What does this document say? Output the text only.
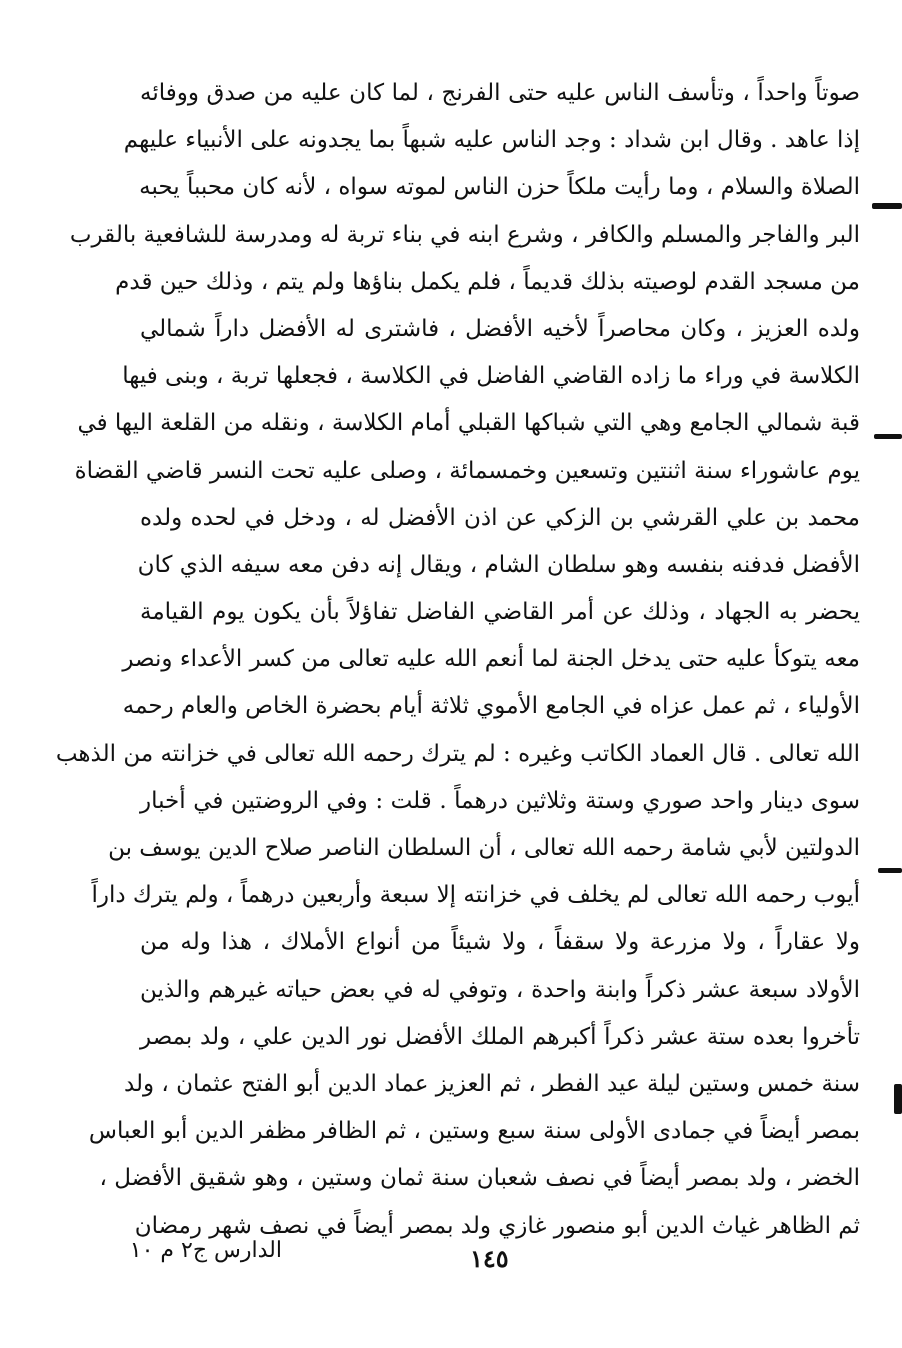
صوتاً واحداً ، وتأسف الناس عليه حتى الفرنج ، لما كان عليه من صدق ووفائه
إذا عاهد . وقال ابن شداد : وجد الناس عليه شبهاً بما يجدونه على الأنبياء عليهم
الصلاة والسلام ، وما رأيت ملكاً حزن الناس لموته سواه ، لأنه كان محبباً يحبه
البر والفاجر والمسلم والكافر ، وشرع ابنه في بناء تربة له ومدرسة للشافعية بالقرب
من مسجد القدم لوصيته بذلك قديماً ، فلم يكمل بناؤها ولم يتم ، وذلك حين قدم
ولده العزيز ، وكان محاصراً لأخيه الأفضل ، فاشترى له الأفضل داراً شمالي
الكلاسة في وراء ما زاده القاضي الفاضل في الكلاسة ، فجعلها تربة ، وبنى فيها
قبة شمالي الجامع وهي التي شباكها القبلي أمام الكلاسة ، ونقله من القلعة اليها في
يوم عاشوراء سنة اثنتين وتسعين وخمسمائة ، وصلى عليه تحت النسر قاضي القضاة
محمد بن علي القرشي بن الزكي عن اذن الأفضل له ، ودخل في لحده ولده
الأفضل فدفنه بنفسه وهو سلطان الشام ، ويقال إنه دفن معه سيفه الذي كان
يحضر به الجهاد ، وذلك عن أمر القاضي الفاضل تفاؤلاً بأن يكون يوم القيامة
معه يتوكأ عليه حتى يدخل الجنة لما أنعم الله عليه تعالى من كسر الأعداء ونصر
الأولياء ، ثم عمل عزاه في الجامع الأموي ثلاثة أيام بحضرة الخاص والعام رحمه
الله تعالى . قال العماد الكاتب وغيره : لم يترك رحمه الله تعالى في خزانته من الذهب
سوى دينار واحد صوري وستة وثلاثين درهماً . قلت : وفي الروضتين في أخبار
الدولتين لأبي شامة رحمه الله تعالى ، أن السلطان الناصر صلاح الدين يوسف بن
أيوب رحمه الله تعالى لم يخلف في خزانته إلا سبعة وأربعين درهماً ، ولم يترك داراً
ولا عقاراً ، ولا مزرعة ولا سقفاً ، ولا شيئاً من أنواع الأملاك ، هذا وله من
الأولاد سبعة عشر ذكراً وابنة واحدة ، وتوفي له في بعض حياته غيرهم والذين
تأخروا بعده ستة عشر ذكراً أكبرهم الملك الأفضل نور الدين علي ، ولد بمصر
سنة خمس وستين ليلة عيد الفطر ، ثم العزيز عماد الدين أبو الفتح عثمان ، ولد
بمصر أيضاً في جمادى الأولى سنة سبع وستين ، ثم الظافر مظفر الدين أبو العباس
الخضر ، ولد بمصر أيضاً في نصف شعبان سنة ثمان وستين ، وهو شقيق الأفضل ،
ثم الظاهر غياث الدين أبو منصور غازي ولد بمصر أيضاً في نصف شهر رمضان
الدارس ج٢ م ١٠	١٤٥
